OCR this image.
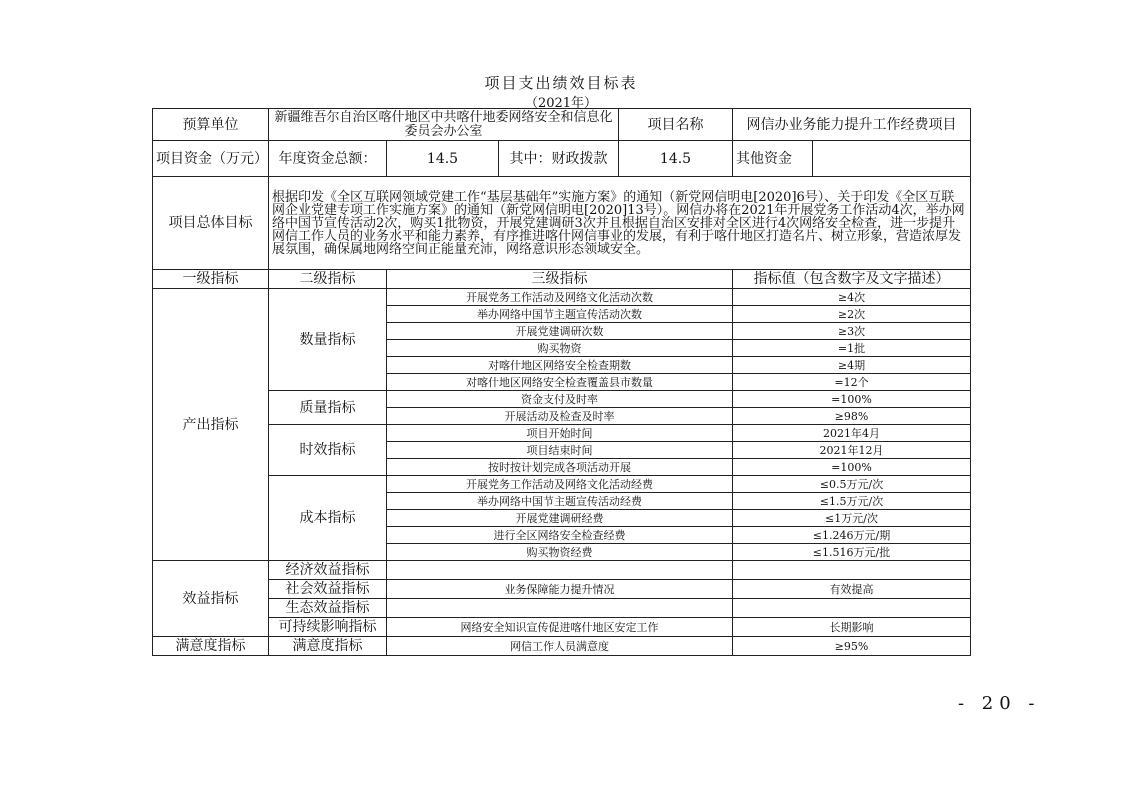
项目支出绩效目标表
（2021年）
预算单位	新疆维吾尔自治区喀什地区中共喀什地委网络安全和信息化委员会办公室			项目名称	网信办业务能力提升工作经费项目	
项目资金（万元）	年度资金总额：	14.5	其中：财政拨款	14.5	其他资金	
项目总体目标	根据印发《全区互联网领域党建工作“基层基础年”实施方案》的通知（新党网信明电[2020]6号）、关于印发《全区互联网企业党建专项工作实施方案》的通知（新党网信明电[2020]13号）。网信办将在2021年开展党务工作活动4次，举办网络中国节宣传活动2次，购买1批物资，开展党建调研3次并且根据自治区安排对全区进行4次网络安全检查，进一步提升网信工作人员的业务水平和能力素养，有序推进喀什网信事业的发展，有利于喀什地区打造名片、树立形象，营造浓厚发展氛围，确保属地网络空间正能量充沛，网络意识形态领域安全。					
一级指标	二级指标	三级指标			指标值（包含数字及文字描述）	
产出指标	数量指标	开展党务工作活动及网络文化活动次数			≥4次	
		举办网络中国节主题宣传活动次数			≥2次	
		开展党建调研次数			≥3次	
		购买物资			=1批	
		对喀什地区网络安全检查期数			≥4期	
		对喀什地区网络安全检查覆盖县市数量			=12个	
	质量指标	资金支付及时率			=100%	
		开展活动及检查及时率			≥98%	
	时效指标	项目开始时间			2021年4月	
		项目结束时间			2021年12月	
		按时按计划完成各项活动开展			=100%	
	成本指标	开展党务工作活动及网络文化活动经费			≤0.5万元/次	
		举办网络中国节主题宣传活动经费			≤1.5万元/次	
		开展党建调研经费			≤1万元/次	
		进行全区网络安全检查经费			≤1.246万元/期	
		购买物资经费			≤1.516万元/批	
效益指标	经济效益指标					
	社会效益指标	业务保障能力提升情况			有效提高	
	生态效益指标					
	可持续影响指标	网络安全知识宣传促进喀什地区安定工作			长期影响	
满意度指标	满意度指标	网信工作人员满意度			≥95%	
- 20 -
